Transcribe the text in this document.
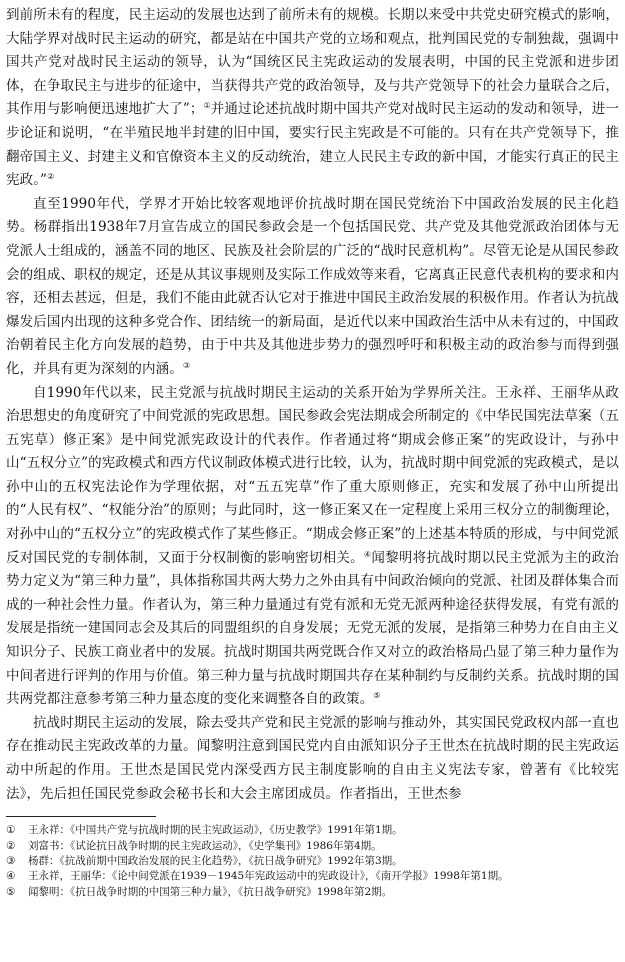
到前所未有的程度，民主运动的发展也达到了前所未有的规模。长期以来受中共党史研究模式的影响，大陆学界对战时民主运动的研究，都是站在中国共产党的立场和观点，批判国民党的专制独裁，强调中国共产党对战时民主运动的领导，认为“国统区民主宪政运动的发展表明，中国的民主党派和进步团体，在争取民主与进步的征途中，当获得共产党的政治领导，及与共产党领导下的社会力量联合之后，其作用与影响便迅速地扩大了”；①并通过论述抗战时期中国共产党对战时民主运动的发动和领导，进一步论证和说明，“在半殖民地半封建的旧中国，要实行民主宪政是不可能的。只有在共产党领导下，推翻帝国主义、封建主义和官僚资本主义的反动统治，建立人民民主专政的新中国，才能实行真正的民主宪政。”②

直至1990年代，学界才开始比较客观地评价抗战时期在国民党统治下中国政治发展的民主化趋势。杨群指出1938年7月宣告成立的国民参政会是一个包括国民党、共产党及其他党派政治团体与无党派人士组成的，涵盖不同的地区、民族及社会阶层的广泛的“战时民意机构”。尽管无论是从国民参政会的组成、职权的规定，还是从其议事规则及实际工作成效等来看，它离真正民意代表机构的要求和内容，还相去甚远，但是，我们不能由此就否认它对于推进中国民主政治发展的积极作用。作者认为抗战爆发后国内出现的这种多党合作、团结统一的新局面，是近代以来中国政治生活中从未有过的，中国政治朝着民主化方向发展的趋势，由于中共及其他进步势力的强烈呼吁和积极主动的政治参与而得到强化，并具有更为深刻的内涵。③

自1990年代以来，民主党派与抗战时期民主运动的关系开始为学界所关注。王永祥、王丽华从政治思想史的角度研究了中间党派的宪政思想。国民参政会宪法期成会所制定的《中华民国宪法草案（五五宪草）修正案》是中间党派宪政设计的代表作。作者通过将“期成会修正案”的宪政设计，与孙中山“五权分立”的宪政模式和西方代议制政体模式进行比较，认为，抗战时期中间党派的宪政模式，是以孙中山的五权宪法论作为学理依据，对“五五宪草”作了重大原则修正，充实和发展了孙中山所提出的“人民有权”、“权能分治”的原则；与此同时，这一修正案又在一定程度上采用三权分立的制衡理论，对孙中山的“五权分立”的宪政模式作了某些修正。“期成会修正案”的上述基本特质的形成，与中间党派反对国民党的专制体制，又面于分权制衡的影响密切相关。④闻黎明将抗战时期以民主党派为主的政治势力定义为“第三种力量”，具体指称国共两大势力之外由具有中间政治倾向的党派、社团及群体集合而成的一种社会性力量。作者认为，第三种力量通过有党有派和无党无派两种途径获得发展，有党有派的发展是指统一建国同志会及其后的同盟组织的自身发展；无党无派的发展，是指第三种势力在自由主义知识分子、民族工商业者中的发展。抗战时期国共两党既合作又对立的政治格局凸显了第三种力量作为中间者进行评判的作用与价值。第三种力量与抗战时期国共存在某种制约与反制约关系。抗战时期的国共两党都注意参考第三种力量态度的变化来调整各自的政策。⑤

抗战时期民主运动的发展，除去受共产党和民主党派的影响与推动外，其实国民党政权内部一直也存在推动民主宪政改革的力量。闻黎明注意到国民党内自由派知识分子王世杰在抗战时期的民主宪政运动中所起的作用。王世杰是国民党内深受西方民主制度影响的自由主义宪法专家，曾著有《比较宪法》，先后担任国民党参政会秘书长和大会主席团成员。作者指出，王世杰参

①	王永祥：《中国共产党与抗战时期的民主宪政运动》，《历史教学》1991年第1期。
②	刘富书：《试论抗日战争时期的民主宪政运动》，《史学集刊》1986年第4期。
③	杨群：《抗战前期中国政治发展的民主化趋势》，《抗日战争研究》1992年第3期。
④	王永祥，王丽华：《论中间党派在1939－1945年宪政运动中的宪政设计》，《南开学报》1998年第1期。
⑤	闻黎明：《抗日战争时期的中国第三种力量》，《抗日战争研究》1998年第2期。
